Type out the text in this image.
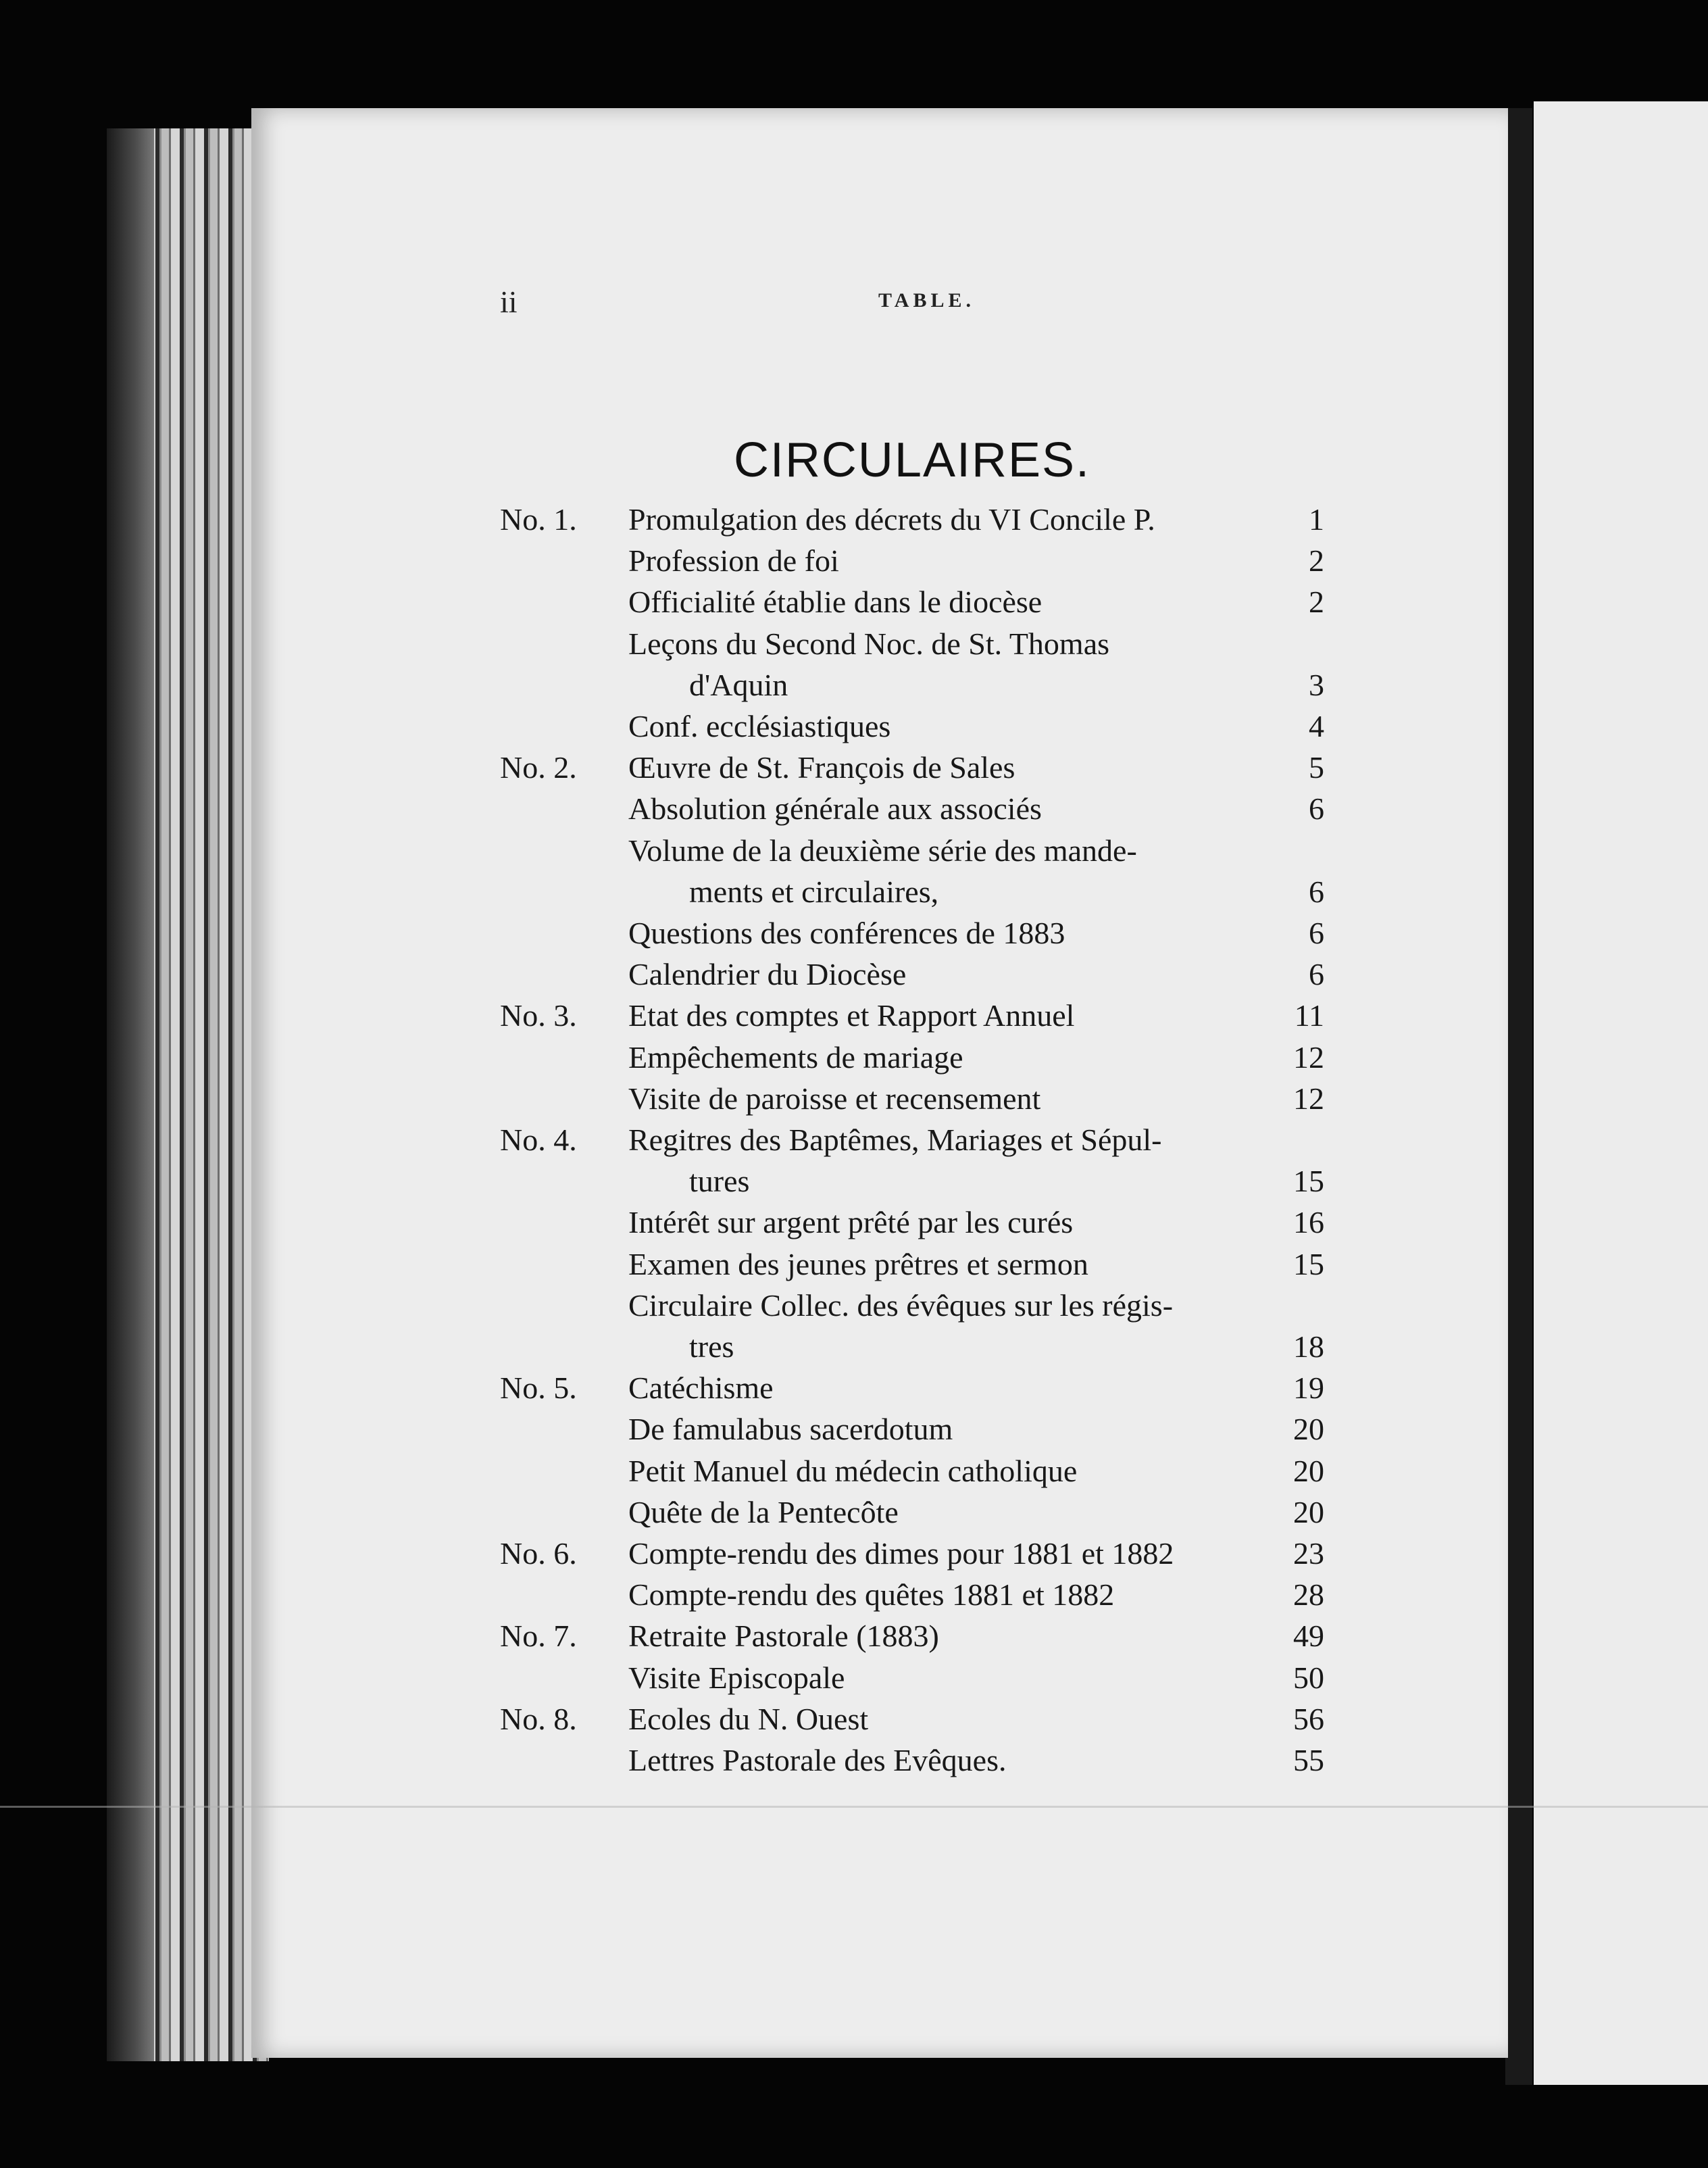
ii	TABLE.
CIRCULAIRES.
No. 1. Promulgation des décrets du VI Concile P.	1
Profession de foi	2
Officialité établie dans le diocèse	2
Leçons du Second Noc. de St. Thomas
d'Aquin	3
Conf. ecclésiastiques	4
No. 2. Œuvre de St. François de Sales	5
Absolution générale aux associés	6
Volume de la deuxième série des mande-
ments et circulaires,	6
Questions des conférences de 1883	6
Calendrier du Diocèse	6
No. 3. Etat des comptes et Rapport Annuel	11
Empêchements de mariage	12
Visite de paroisse et recensement	12
No. 4. Regitres des Baptêmes, Mariages et Sépul-
tures	15
Intérêt sur argent prêté par les curés	16
Examen des jeunes prêtres et sermon	15
Circulaire Collec. des évêques sur les régis-
tres	18
No. 5. Catéchisme	19
De famulabus sacerdotum	20
Petit Manuel du médecin catholique	20
Quête de la Pentecôte	20
No. 6. Compte-rendu des dimes pour 1881 et 1882	23
Compte-rendu des quêtes 1881 et 1882	28
No. 7. Retraite Pastorale (1883)	49
Visite Episcopale	50
No. 8. Ecoles du N. Ouest	56
Lettres Pastorale des Evêques.	55
